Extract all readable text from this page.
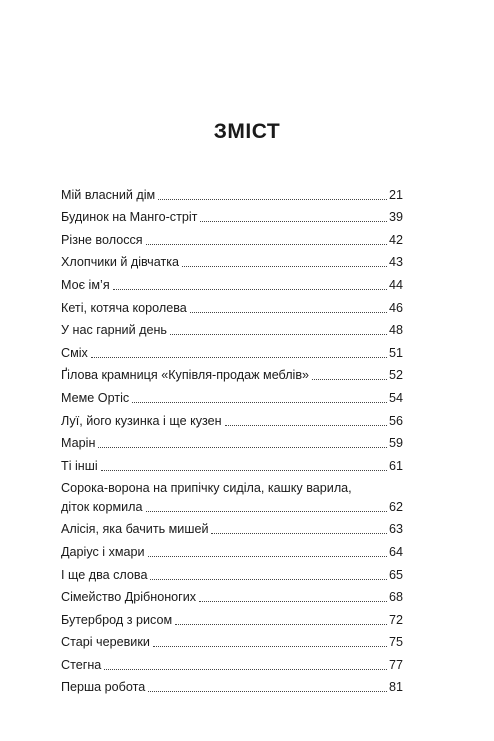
ЗМІСТ
Мій власний дім	21
Будинок на Манго-стріт	39
Різне волосся	42
Хлопчики й дівчатка	43
Моє ім’я	44
Кеті, котяча королева	46
У нас гарний день	48
Сміх	51
Ґілова крамниця «Купівля-продаж меблів»	52
Меме Ортіс	54
Луї, його кузинка і ще кузен	56
Марін	59
Ті інші	61
Сорока-ворона на припічку сиділа, кашку варила,
діток кормила	62
Алісія, яка бачить мишей	63
Даріус і хмари	64
І ще два слова	65
Сімейство Дрібноногих	68
Бутерброд з рисом	72
Старі черевики	75
Стегна	77
Перша робота	81
